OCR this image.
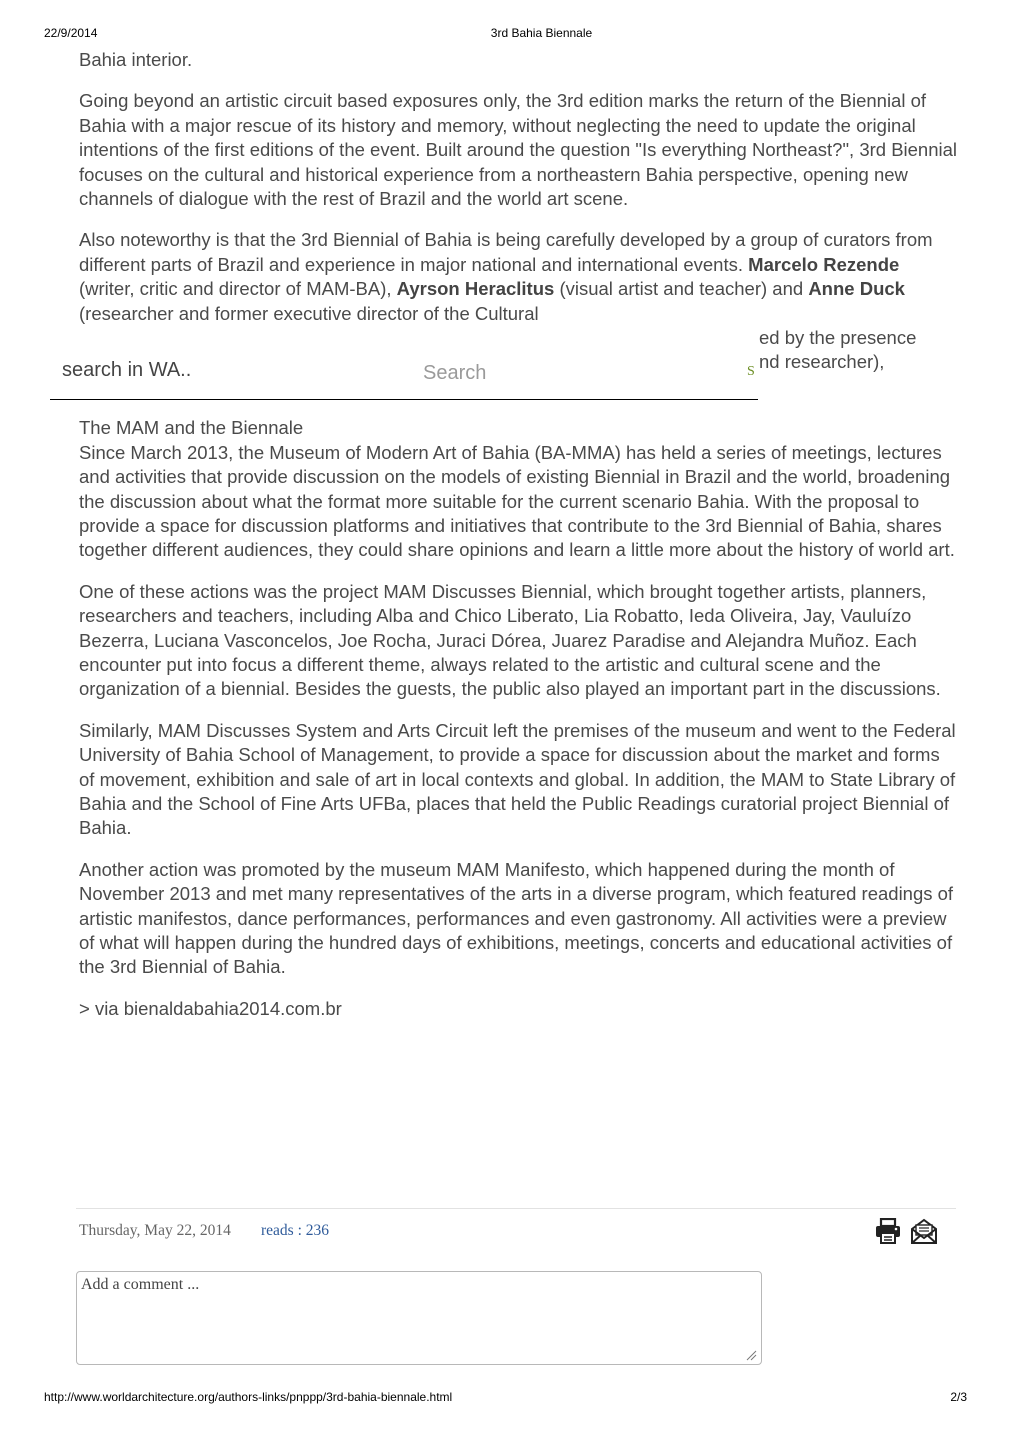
22/9/2014	3rd Bahia Biennale

Bahia interior.

Going beyond an artistic circuit based exposures only, the 3rd edition marks the return of the Biennial of Bahia with a major rescue of its history and memory, without neglecting the need to update the original intentions of the first editions of the event. Built around the question "Is everything Northeast?", 3rd Biennial focuses on the cultural and historical experience from a northeastern Bahia perspective, opening new channels of dialogue with the rest of Brazil and the world art scene.

Also noteworthy is that the 3rd Biennial of Bahia is being carefully developed by a group of curators from different parts of Brazil and experience in major national and international events. Marcelo Rezende (writer, critic and director of MAM-BA), Ayrson Heraclitus (visual artist and teacher) and Anne Duck (researcher and former executive director of the Cultural
ed by the presence
nd researcher),

The MAM and the Biennale
Since March 2013, the Museum of Modern Art of Bahia (BA-MMA) has held a series of meetings, lectures and activities that provide discussion on the models of existing Biennial in Brazil and the world, broadening the discussion about what the format more suitable for the current scenario Bahia. With the proposal to provide a space for discussion platforms and initiatives that contribute to the 3rd Biennial of Bahia, shares together different audiences, they could share opinions and learn a little more about the history of world art.

One of these actions was the project MAM Discusses Biennial, which brought together artists, planners, researchers and teachers, including Alba and Chico Liberato, Lia Robatto, Ieda Oliveira, Jay, Vauluízo Bezerra, Luciana Vasconcelos, Joe Rocha, Juraci Dórea, Juarez Paradise and Alejandra Muñoz. Each encounter put into focus a different theme, always related to the artistic and cultural scene and the organization of a biennial. Besides the guests, the public also played an important part in the discussions.

Similarly, MAM Discusses System and Arts Circuit left the premises of the museum and went to the Federal University of Bahia School of Management, to provide a space for discussion about the market and forms of movement, exhibition and sale of art in local contexts and global. In addition, the MAM to State Library of Bahia and the School of Fine Arts UFBa, places that held the Public Readings curatorial project Biennial of Bahia.

Another action was promoted by the museum MAM Manifesto, which happened during the month of November 2013 and met many representatives of the arts in a diverse program, which featured readings of artistic manifestos, dance performances, performances and even gastronomy. All activities were a preview of what will happen during the hundred days of exhibitions, meetings, concerts and educational activities of the 3rd Biennial of Bahia.

> via bienaldabahia2014.com.br

search in WA..
Search	S
Thursday, May 22, 2014 reads : 236
Add a comment ...
http://www.worldarchitecture.org/authors-links/pnppp/3rd-bahia-biennale.html	2/3
